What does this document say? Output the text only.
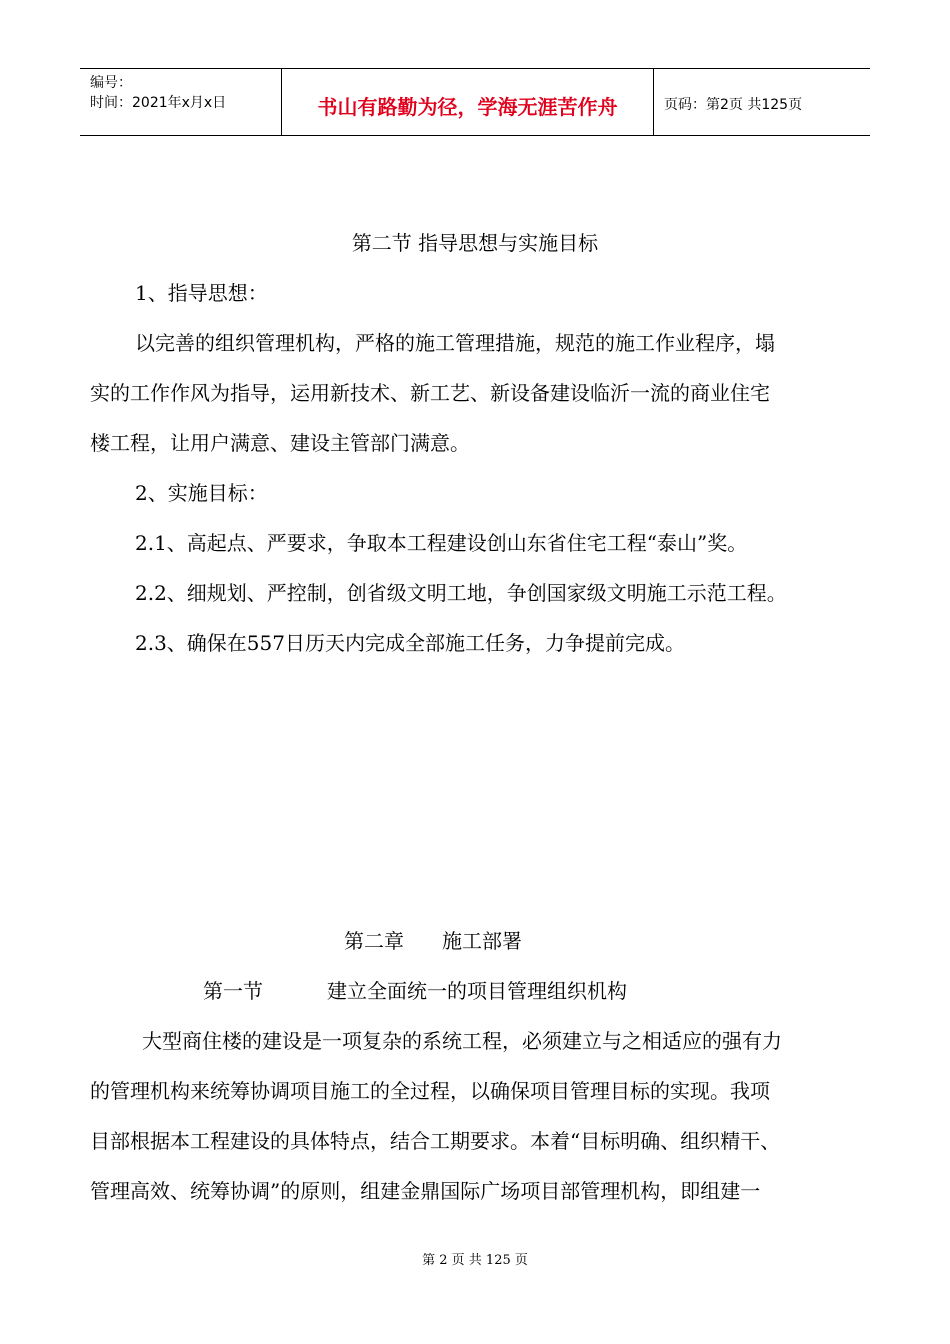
编号：
时间：2021年x月x日	书山有路勤为径，学海无涯苦作舟	页码：第2页 共125页
第二节 指导思想与实施目标
1、指导思想：
以完善的组织管理机构，严格的施工管理措施，规范的施工作业程序，塌
实的工作作风为指导，运用新技术、新工艺、新设备建设临沂一流的商业住宅
楼工程，让用户满意、建设主管部门满意。
2、实施目标：
2.1、高起点、严要求，争取本工程建设创山东省住宅工程“泰山”奖。
2.2、细规划、严控制，创省级文明工地，争创国家级文明施工示范工程。
2.3、确保在557日历天内完成全部施工任务，力争提前完成。
第二章 施工部署
第一节	建立全面统一的项目管理组织机构
大型商住楼的建设是一项复杂的系统工程，必须建立与之相适应的强有力
的管理机构来统筹协调项目施工的全过程，以确保项目管理目标的实现。我项
目部根据本工程建设的具体特点，结合工期要求。本着“目标明确、组织精干、
管理高效、统筹协调”的原则，组建金鼎国际广场项目部管理机构，即组建一
第 2 页 共 125 页
